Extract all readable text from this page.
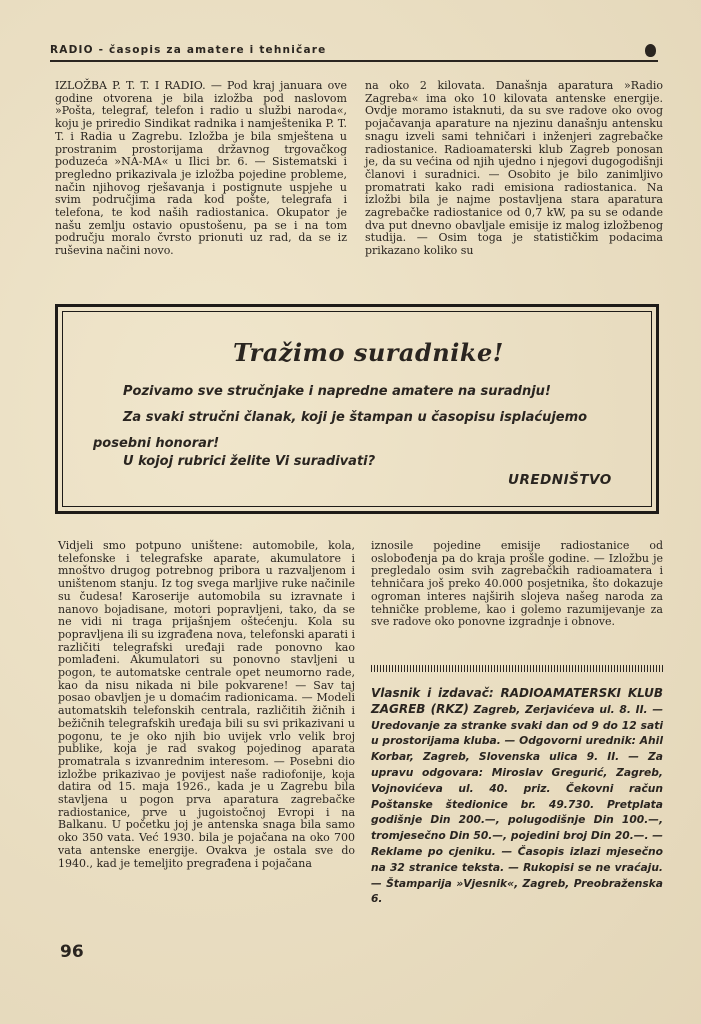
RADIO - časopis za amatere i tehničare

IZLOŽBA P. T. T. I RADIO. — Pod kraj januara ove godine otvorena je bila izložba pod naslovom »Pošta, telegraf, telefon i radio u službi naroda«, koju je priredio Sindikat radnika i namještenika P. T. T. i Radia u Zagrebu. Izložba je bila smještena u prostranim prostorijama državnog trgovačkog poduzeća »NA-MA« u Ilici br. 6. — Sistematski i pregledno prikazivala je izložba pojedine probleme, način njihovog rješavanja i postignute uspjehe u svim područjima rada kod pošte, telegrafa i telefona, te kod naših radiostanica. Okupator je našu zemlju ostavio opustošenu, pa se i na tom području moralo čvrsto prionuti uz rad, da se iz ruševina načini novo.

na oko 2 kilovata. Današnja aparatura »Radio Zagreba« ima oko 10 kilovata antenske energije. Ovdje moramo istaknuti, da su sve radove oko ovog pojačavanja aparature na njezinu današnju antensku snagu izveli sami tehničari i inženjeri zagrebačke radiostanice. Radioamaterski klub Zagreb ponosan je, da su većina od njih ujedno i njegovi dugogodišnji članovi i suradnici. — Osobito je bilo zanimljivo promatrati kako radi emisiona radiostanica. Na izložbi bila je najme postavljena stara aparatura zagrebačke radiostanice od 0,7 kW, pa su se odande dva put dnevno obavljale emisije iz malog izložbenog studija. — Osim toga je statističkim podacima prikazano koliko su

Tražimo suradnike!
Pozivamo sve stručnjake i napredne amatere na suradnju!
Za svaki stručni članak, koji je štampan u časopisu isplaćujemo
posebni honorar!
U kojoj rubrici želite Vi suradivati?
UREDNIŠTVO

Vidjeli smo potpuno uništene: automobile, kola, telefonske i telegrafske aparate, akumulatore i mnoštvo drugog potrebnog pribora u razvaljenom i uništenom stanju. Iz tog svega marljive ruke načinile su čudesa! Karoserije automobila su izravnate i nanovo bojadisane, motori popravljeni, tako, da se ne vidi ni traga prijašnjem oštećenju. Kola su popravljena ili su izgrađena nova, telefonski aparati i različiti telegrafski uređaji rade ponovno kao pomlađeni. Akumulatori su ponovno stavljeni u pogon, te automatske centrale opet neumorno rade, kao da nisu nikada ni bile pokvarene! — Sav taj posao obavljen je u domaćim radionicama. — Modeli automatskih telefonskih centrala, različitih žičnih i bežičnih telegrafskih uređaja bili su svi prikazivani u pogonu, te je oko njih bio uvijek vrlo velik broj publike, koja je rad svakog pojedinog aparata promatrala s izvanrednim interesom. — Posebni dio izložbe prikazivao je povijest naše radiofonije, koja datira od 15. maja 1926., kada je u Zagrebu bila stavljena u pogon prva aparatura zagrebačke radiostanice, prve u jugoistočnoj Evropi i na Balkanu. U početku joj je antenska snaga bila samo oko 350 vata. Već 1930. bila je pojačana na oko 700 vata antenske energije. Ovakva je ostala sve do 1940., kad je temeljito pregrađena i pojačana

iznosile pojedine emisije radiostanice od oslobođenja pa do kraja prošle godine. — Izložbu je pregledalo osim svih zagrebačkih radioamatera i tehničara još preko 40.000 posjetnika, što dokazuje ogroman interes najširih slojeva našeg naroda za tehničke probleme, kao i golemo razumijevanje za sve radove oko ponovne izgradnje i obnove.

Vlasnik i izdavač: RADIOAMATERSKI KLUB ZAGREB (RKZ) Zagreb, Zerjavićeva ul. 8. II. — Uredovanje za stranke svaki dan od 9 do 12 sati u prostorijama kluba. — Odgovorni urednik: Ahil Korbar, Zagreb, Slovenska ulica 9. II. — Za upravu odgovara: Miroslav Gregurić, Zagreb, Vojnovićeva ul. 40. priz. Čekovni račun Poštanske štedionice br. 49.730. Pretplata godišnje Din 200.—, polugodišnje Din 100.—, tromjesečno Din 50.—, pojedini broj Din 20.—. — Reklame po cjeniku. — Časopis izlazi mjesečno na 32 stranice teksta. — Rukopisi se ne vraćaju. — Štamparija »Vjesnik«, Zagreb, Preobraženska 6.
96
